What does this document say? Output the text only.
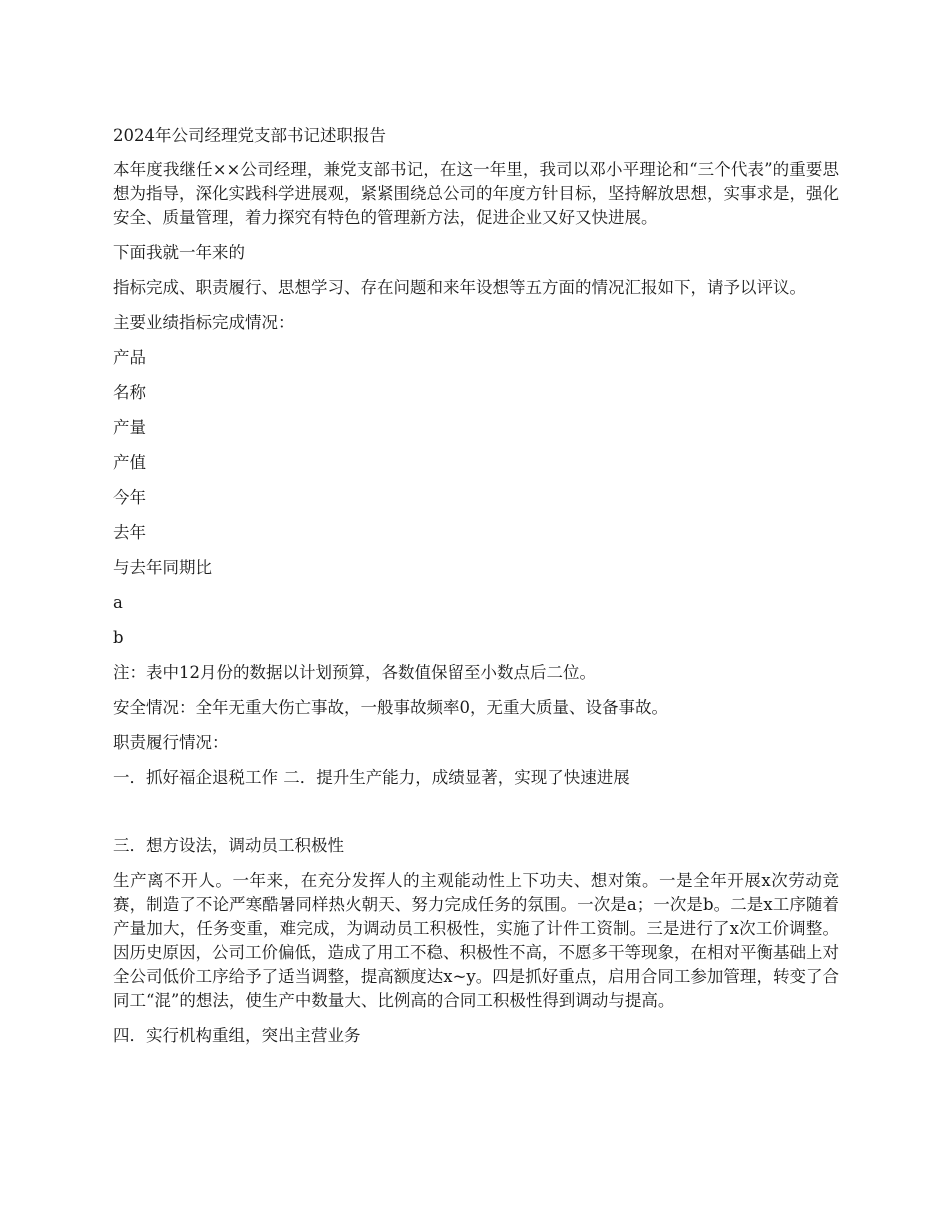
2024年公司经理党支部书记述职报告

本年度我继任××公司经理，兼党支部书记，在这一年里，我司以邓小平理论和“三个代表”的重要思想为指导，深化实践科学进展观，紧紧围绕总公司的年度方针目标，坚持解放思想，实事求是，强化安全、质量管理，着力探究有特色的管理新方法，促进企业又好又快进展。

下面我就一年来的

指标完成、职责履行、思想学习、存在问题和来年设想等五方面的情况汇报如下，请予以评议。

主要业绩指标完成情况：

产品

名称

产量

产值

今年

去年

与去年同期比

a

b

注：表中12月份的数据以计划预算，各数值保留至小数点后二位。

安全情况：全年无重大伤亡事故，一般事故频率0，无重大质量、设备事故。

职责履行情况：

一．抓好福企退税工作 二．提升生产能力，成绩显著，实现了快速进展

三．想方设法，调动员工积极性

生产离不开人。一年来，在充分发挥人的主观能动性上下功夫、想对策。一是全年开展x次劳动竞赛，制造了不论严寒酷暑同样热火朝天、努力完成任务的氛围。一次是a；一次是b。二是x工序随着产量加大，任务变重，难完成，为调动员工积极性，实施了计件工资制。三是进行了x次工价调整。因历史原因，公司工价偏低，造成了用工不稳、积极性不高，不愿多干等现象，在相对平衡基础上对全公司低价工序给予了适当调整，提高额度达x~y。四是抓好重点，启用合同工参加管理，转变了合同工“混”的想法，使生产中数量大、比例高的合同工积极性得到调动与提高。

四．实行机构重组，突出主营业务
